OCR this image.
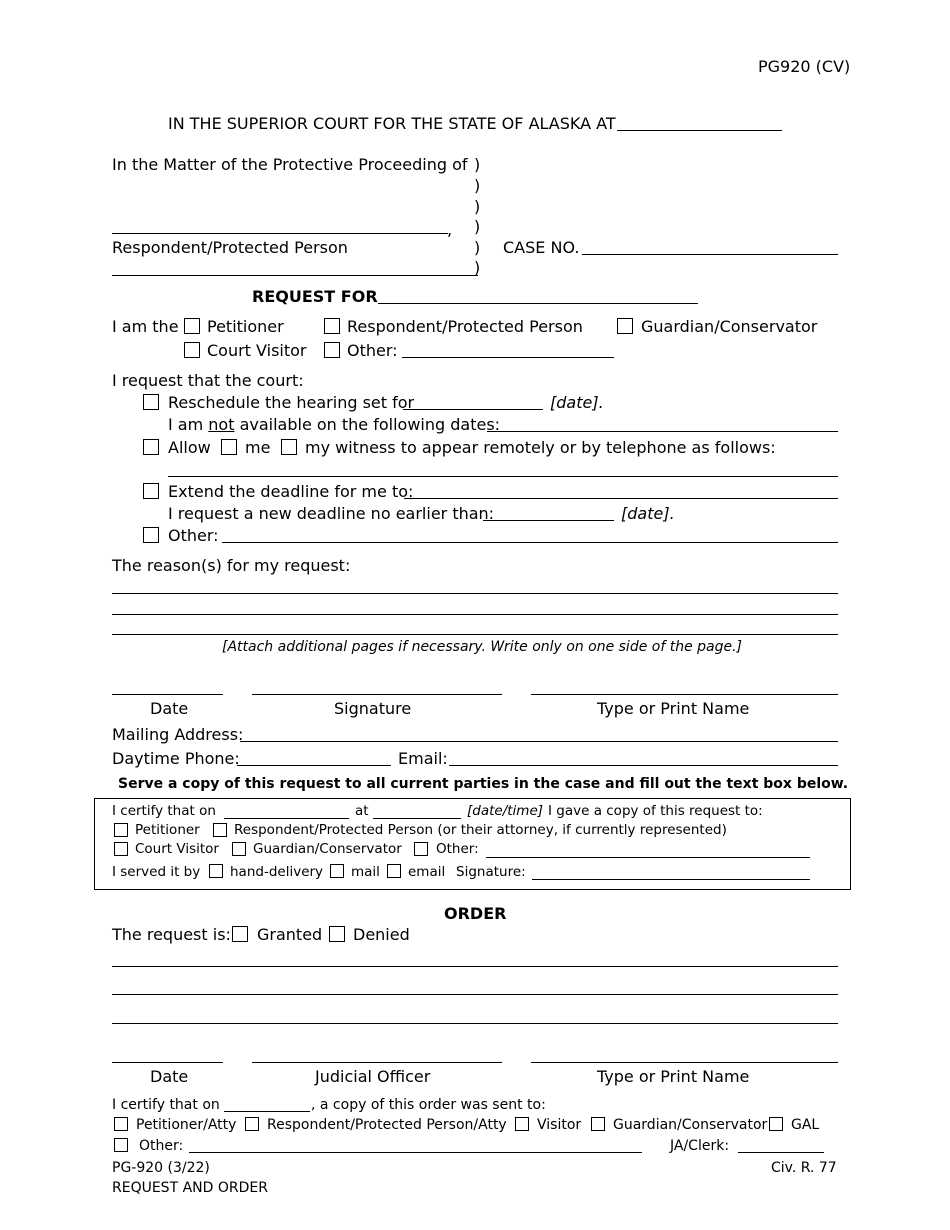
PG920 (CV)
IN THE SUPERIOR COURT FOR THE STATE OF ALASKA AT
In the Matter of the Protective Proceeding of )
)
)
)
)
)
,
Respondent/Protected Person	CASE NO.
REQUEST FOR
I am the Petitioner	Respondent/Protected Person	Guardian/Conservator
Court Visitor	Other:
I request that the court:
Reschedule the hearing set for	[date].
I am not available on the following dates:
Allow me my witness to appear remotely or by telephone as follows:
Extend the deadline for me to:
I request a new deadline no earlier than:	[date].
Other:
The reason(s) for my request:
[Attach additional pages if necessary. Write only on one side of the page.]
Date	Signature	Type or Print Name
Mailing Address:
Daytime Phone:	Email:
Serve a copy of this request to all current parties in the case and fill out the text box below.
I certify that on	at	[date/time] I gave a copy of this request to:
Petitioner	Respondent/Protected Person (or their attorney, if currently represented)
Court Visitor	Guardian/Conservator	Other:
I served it by hand-delivery mail email Signature:
ORDER
The request is: Granted Denied
Date	Judicial Officer	Type or Print Name
I certify that on	, a copy of this order was sent to:
Petitioner/Atty Respondent/Protected Person/Atty Visitor Guardian/Conservator GAL
Other:	JA/Clerk:
PG-920 (3/22)
REQUEST AND ORDER
Civ. R. 77
